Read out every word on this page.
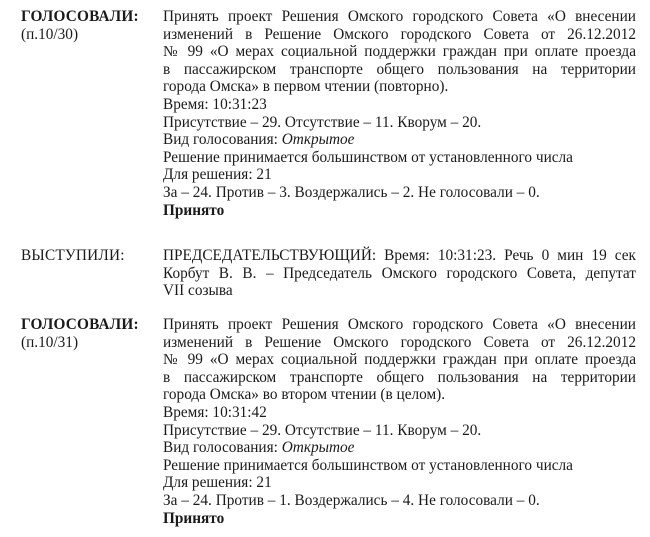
ГОЛОСОВАЛИ:
(п.10/30)
Принять проект Решения Омского городского Совета «О внесении
изменений в Решение Омского городского Совета от 26.12.2012
№ 99 «О мерах социальной поддержки граждан при оплате проезда
в пассажирском транспорте общего пользования на территории
города Омска» в первом чтении (повторно).
Время: 10:31:23
Присутствие – 29. Отсутствие – 11. Кворум – 20.
Вид голосования: Открытое
Решение принимается большинством от установленного числа
Для решения: 21
За – 24. Против – 3. Воздержались – 2. Не голосовали – 0.
Принято
ВЫСТУПИЛИ:	ПРЕДСЕДАТЕЛЬСТВУЮЩИЙ: Время: 10:31:23. Речь 0 мин 19 сек
Корбут В. В. – Председатель Омского городского Совета, депутат
VII созыва
ГОЛОСОВАЛИ:
(п.10/31)
Принять проект Решения Омского городского Совета «О внесении
изменений в Решение Омского городского Совета от 26.12.2012
№ 99 «О мерах социальной поддержки граждан при оплате проезда
в пассажирском транспорте общего пользования на территории
города Омска» во втором чтении (в целом).
Время: 10:31:42
Присутствие – 29. Отсутствие – 11. Кворум – 20.
Вид голосования: Открытое
Решение принимается большинством от установленного числа
Для решения: 21
За – 24. Против – 1. Воздержались – 4. Не голосовали – 0.
Принято
